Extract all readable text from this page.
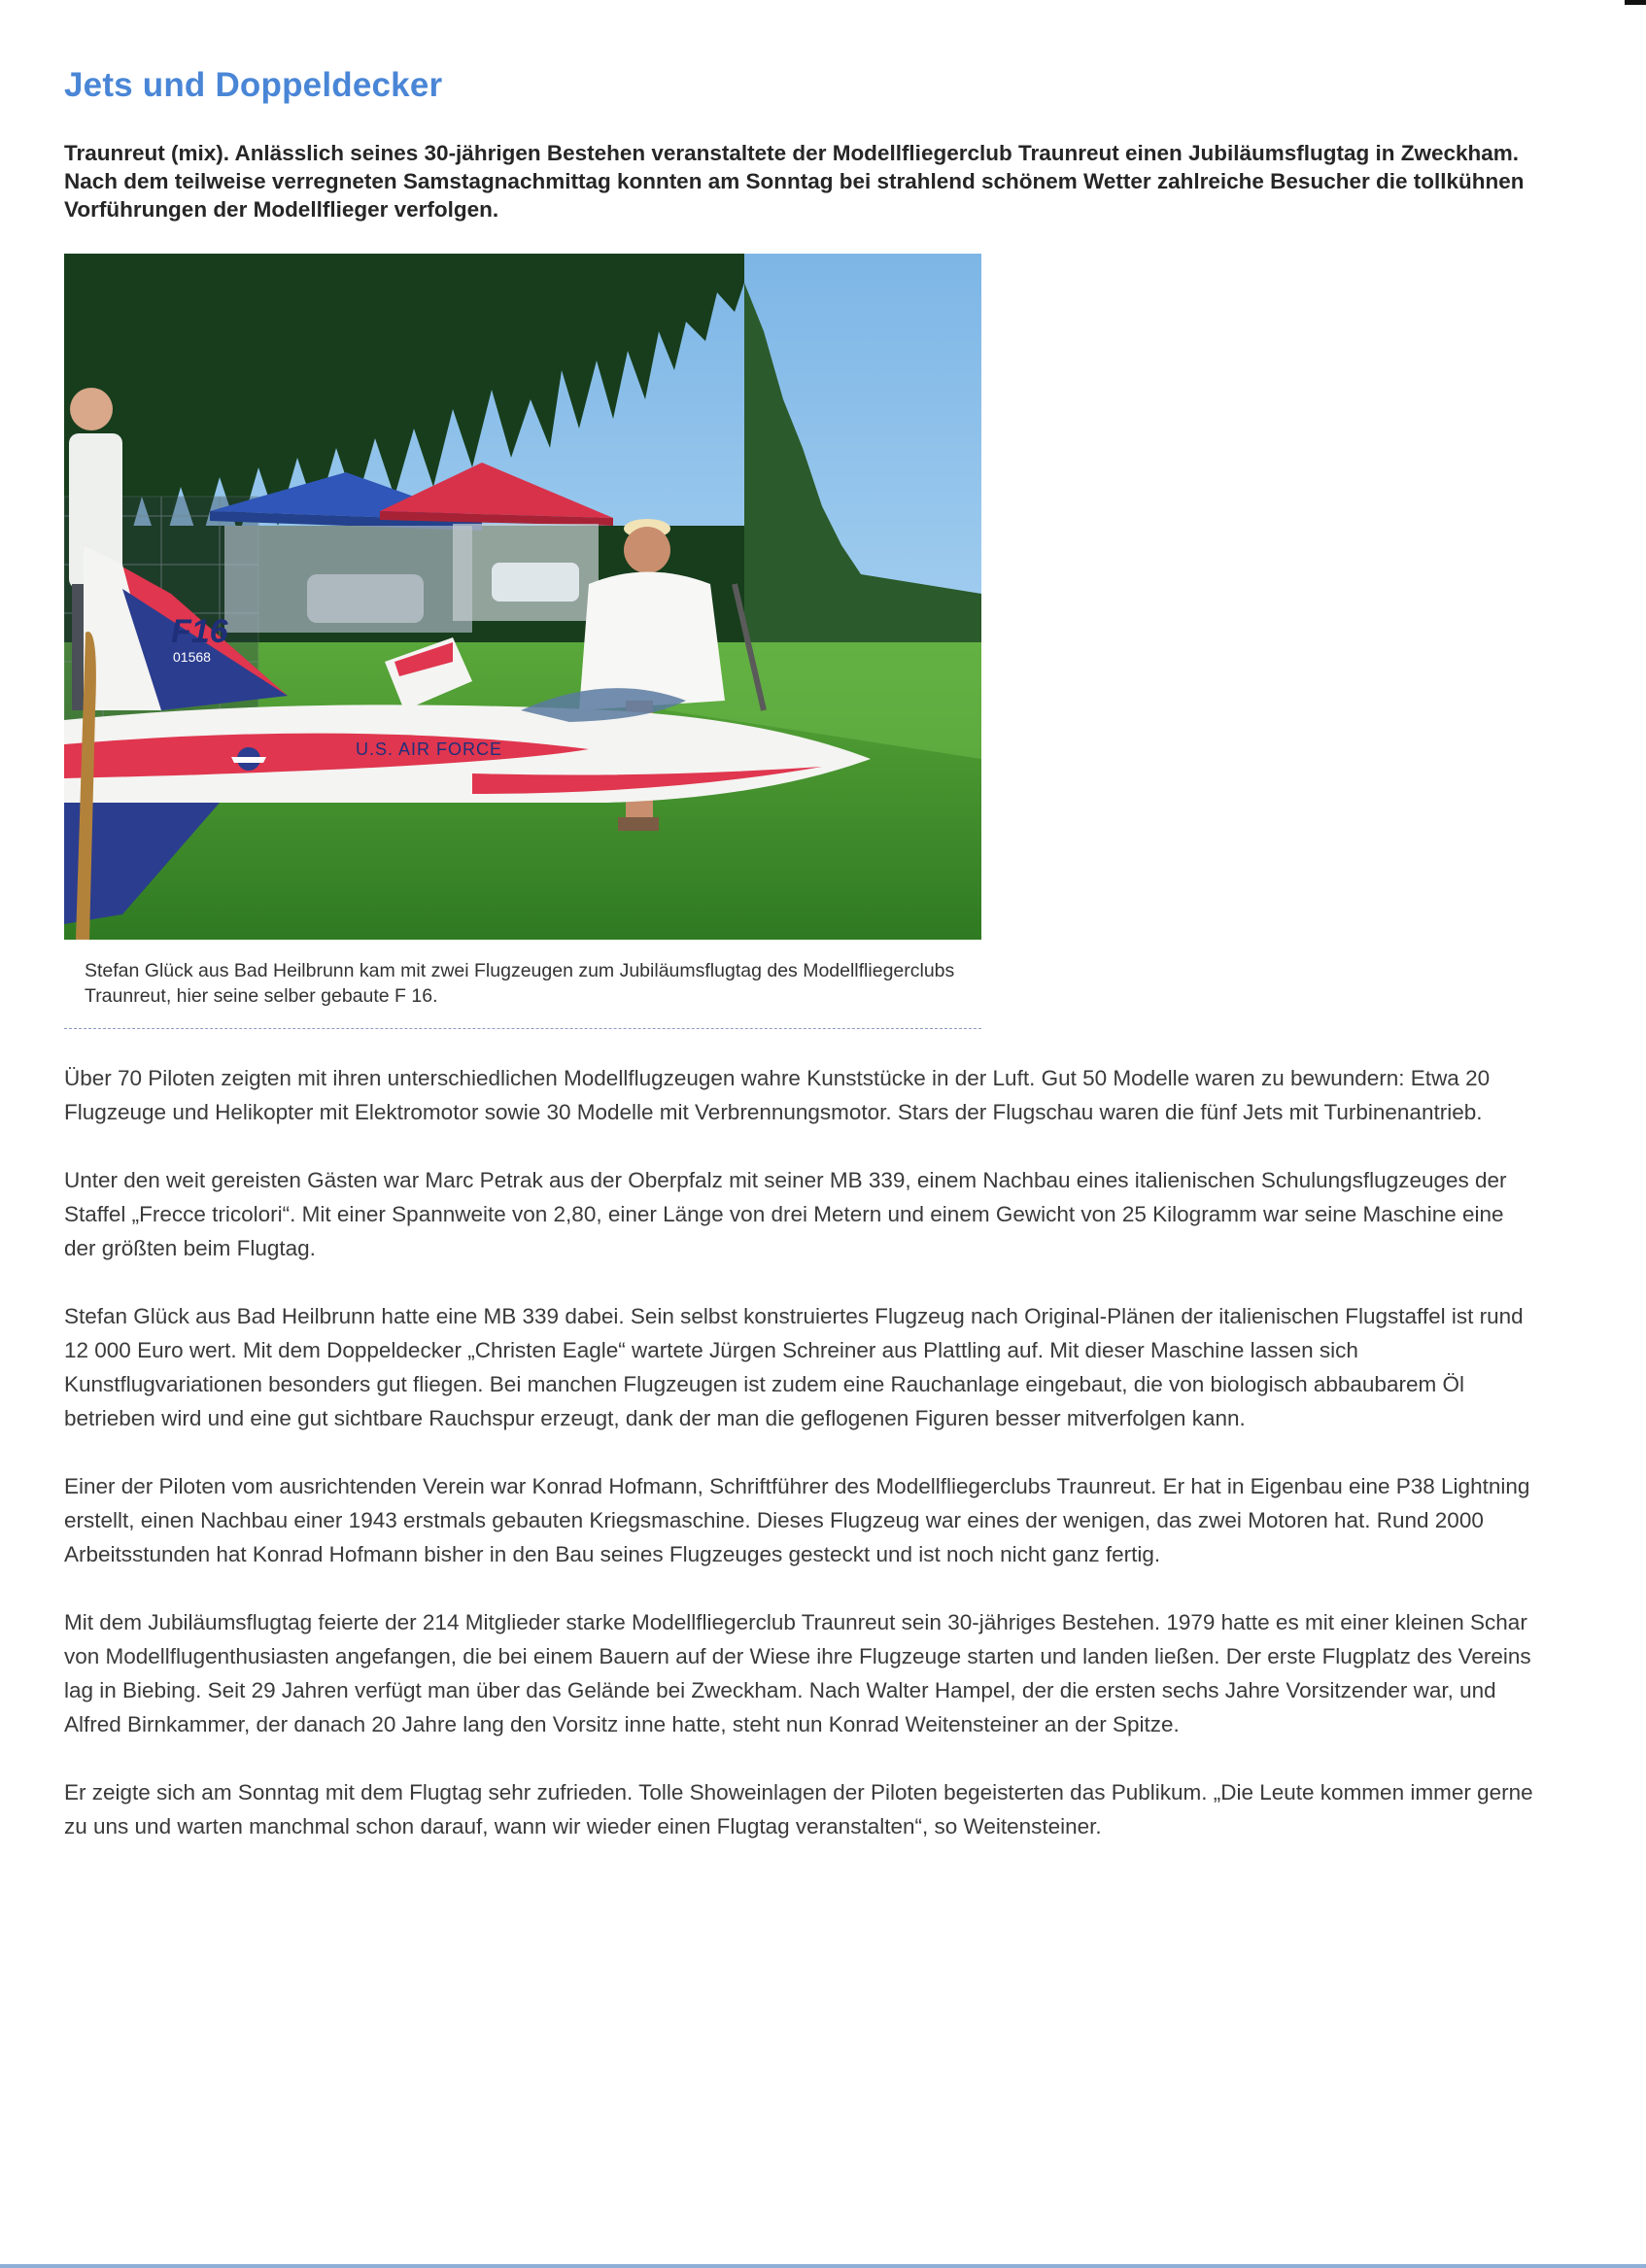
Jets und Doppeldecker

Traunreut (mix). Anlässlich seines 30-jährigen Bestehen veranstaltete der Modellfliegerclub Traunreut einen Jubiläumsflugtag in Zweckham. Nach dem teilweise verregneten Samstagnachmittag konnten am Sonntag bei strahlend schönem Wetter zahlreiche Besucher die tollkühnen Vorführungen der Modellflieger verfolgen.

F16
01568
U.S. AIR FORCE

Stefan Glück aus Bad Heilbrunn kam mit zwei Flugzeugen zum Jubiläumsflugtag des Modellfliegerclubs Traunreut, hier seine selber gebaute F 16.

Über 70 Piloten zeigten mit ihren unterschiedlichen Modellflugzeugen wahre Kunststücke in der Luft. Gut 50 Modelle waren zu bewundern: Etwa 20 Flugzeuge und Helikopter mit Elektromotor sowie 30 Modelle mit Verbrennungsmotor. Stars der Flugschau waren die fünf Jets mit Turbinenantrieb.

Unter den weit gereisten Gästen war Marc Petrak aus der Oberpfalz mit seiner MB 339, einem Nachbau eines italienischen Schulungsflugzeuges der Staffel „Frecce tricolori“. Mit einer Spannweite von 2,80, einer Länge von drei Metern und einem Gewicht von 25 Kilogramm war seine Maschine eine der größten beim Flugtag.

Stefan Glück aus Bad Heilbrunn hatte eine MB 339 dabei. Sein selbst konstruiertes Flugzeug nach Original-Plänen der italienischen Flugstaffel ist rund 12 000 Euro wert. Mit dem Doppeldecker „Christen Eagle“ wartete Jürgen Schreiner aus Plattling auf. Mit dieser Maschine lassen sich Kunstflugvariationen besonders gut fliegen. Bei manchen Flugzeugen ist zudem eine Rauchanlage eingebaut, die von biologisch abbaubarem Öl betrieben wird und eine gut sichtbare Rauchspur erzeugt, dank der man die geflogenen Figuren besser mitverfolgen kann.

Einer der Piloten vom ausrichtenden Verein war Konrad Hofmann, Schriftführer des Modellfliegerclubs Traunreut. Er hat in Eigenbau eine P38 Lightning erstellt, einen Nachbau einer 1943 erstmals gebauten Kriegsmaschine. Dieses Flugzeug war eines der wenigen, das zwei Motoren hat. Rund 2000 Arbeitsstunden hat Konrad Hofmann bisher in den Bau seines Flugzeuges gesteckt und ist noch nicht ganz fertig.

Mit dem Jubiläumsflugtag feierte der 214 Mitglieder starke Modellfliegerclub Traunreut sein 30-jähriges Bestehen. 1979 hatte es mit einer kleinen Schar von Modellflugenthusiasten angefangen, die bei einem Bauern auf der Wiese ihre Flugzeuge starten und landen ließen. Der erste Flugplatz des Vereins lag in Biebing. Seit 29 Jahren verfügt man über das Gelände bei Zweckham. Nach Walter Hampel, der die ersten sechs Jahre Vorsitzender war, und Alfred Birnkammer, der danach 20 Jahre lang den Vorsitz inne hatte, steht nun Konrad Weitensteiner an der Spitze.

Er zeigte sich am Sonntag mit dem Flugtag sehr zufrieden. Tolle Showeinlagen der Piloten begeisterten das Publikum. „Die Leute kommen immer gerne zu uns und warten manchmal schon darauf, wann wir wieder einen Flugtag veranstalten“, so Weitensteiner.
